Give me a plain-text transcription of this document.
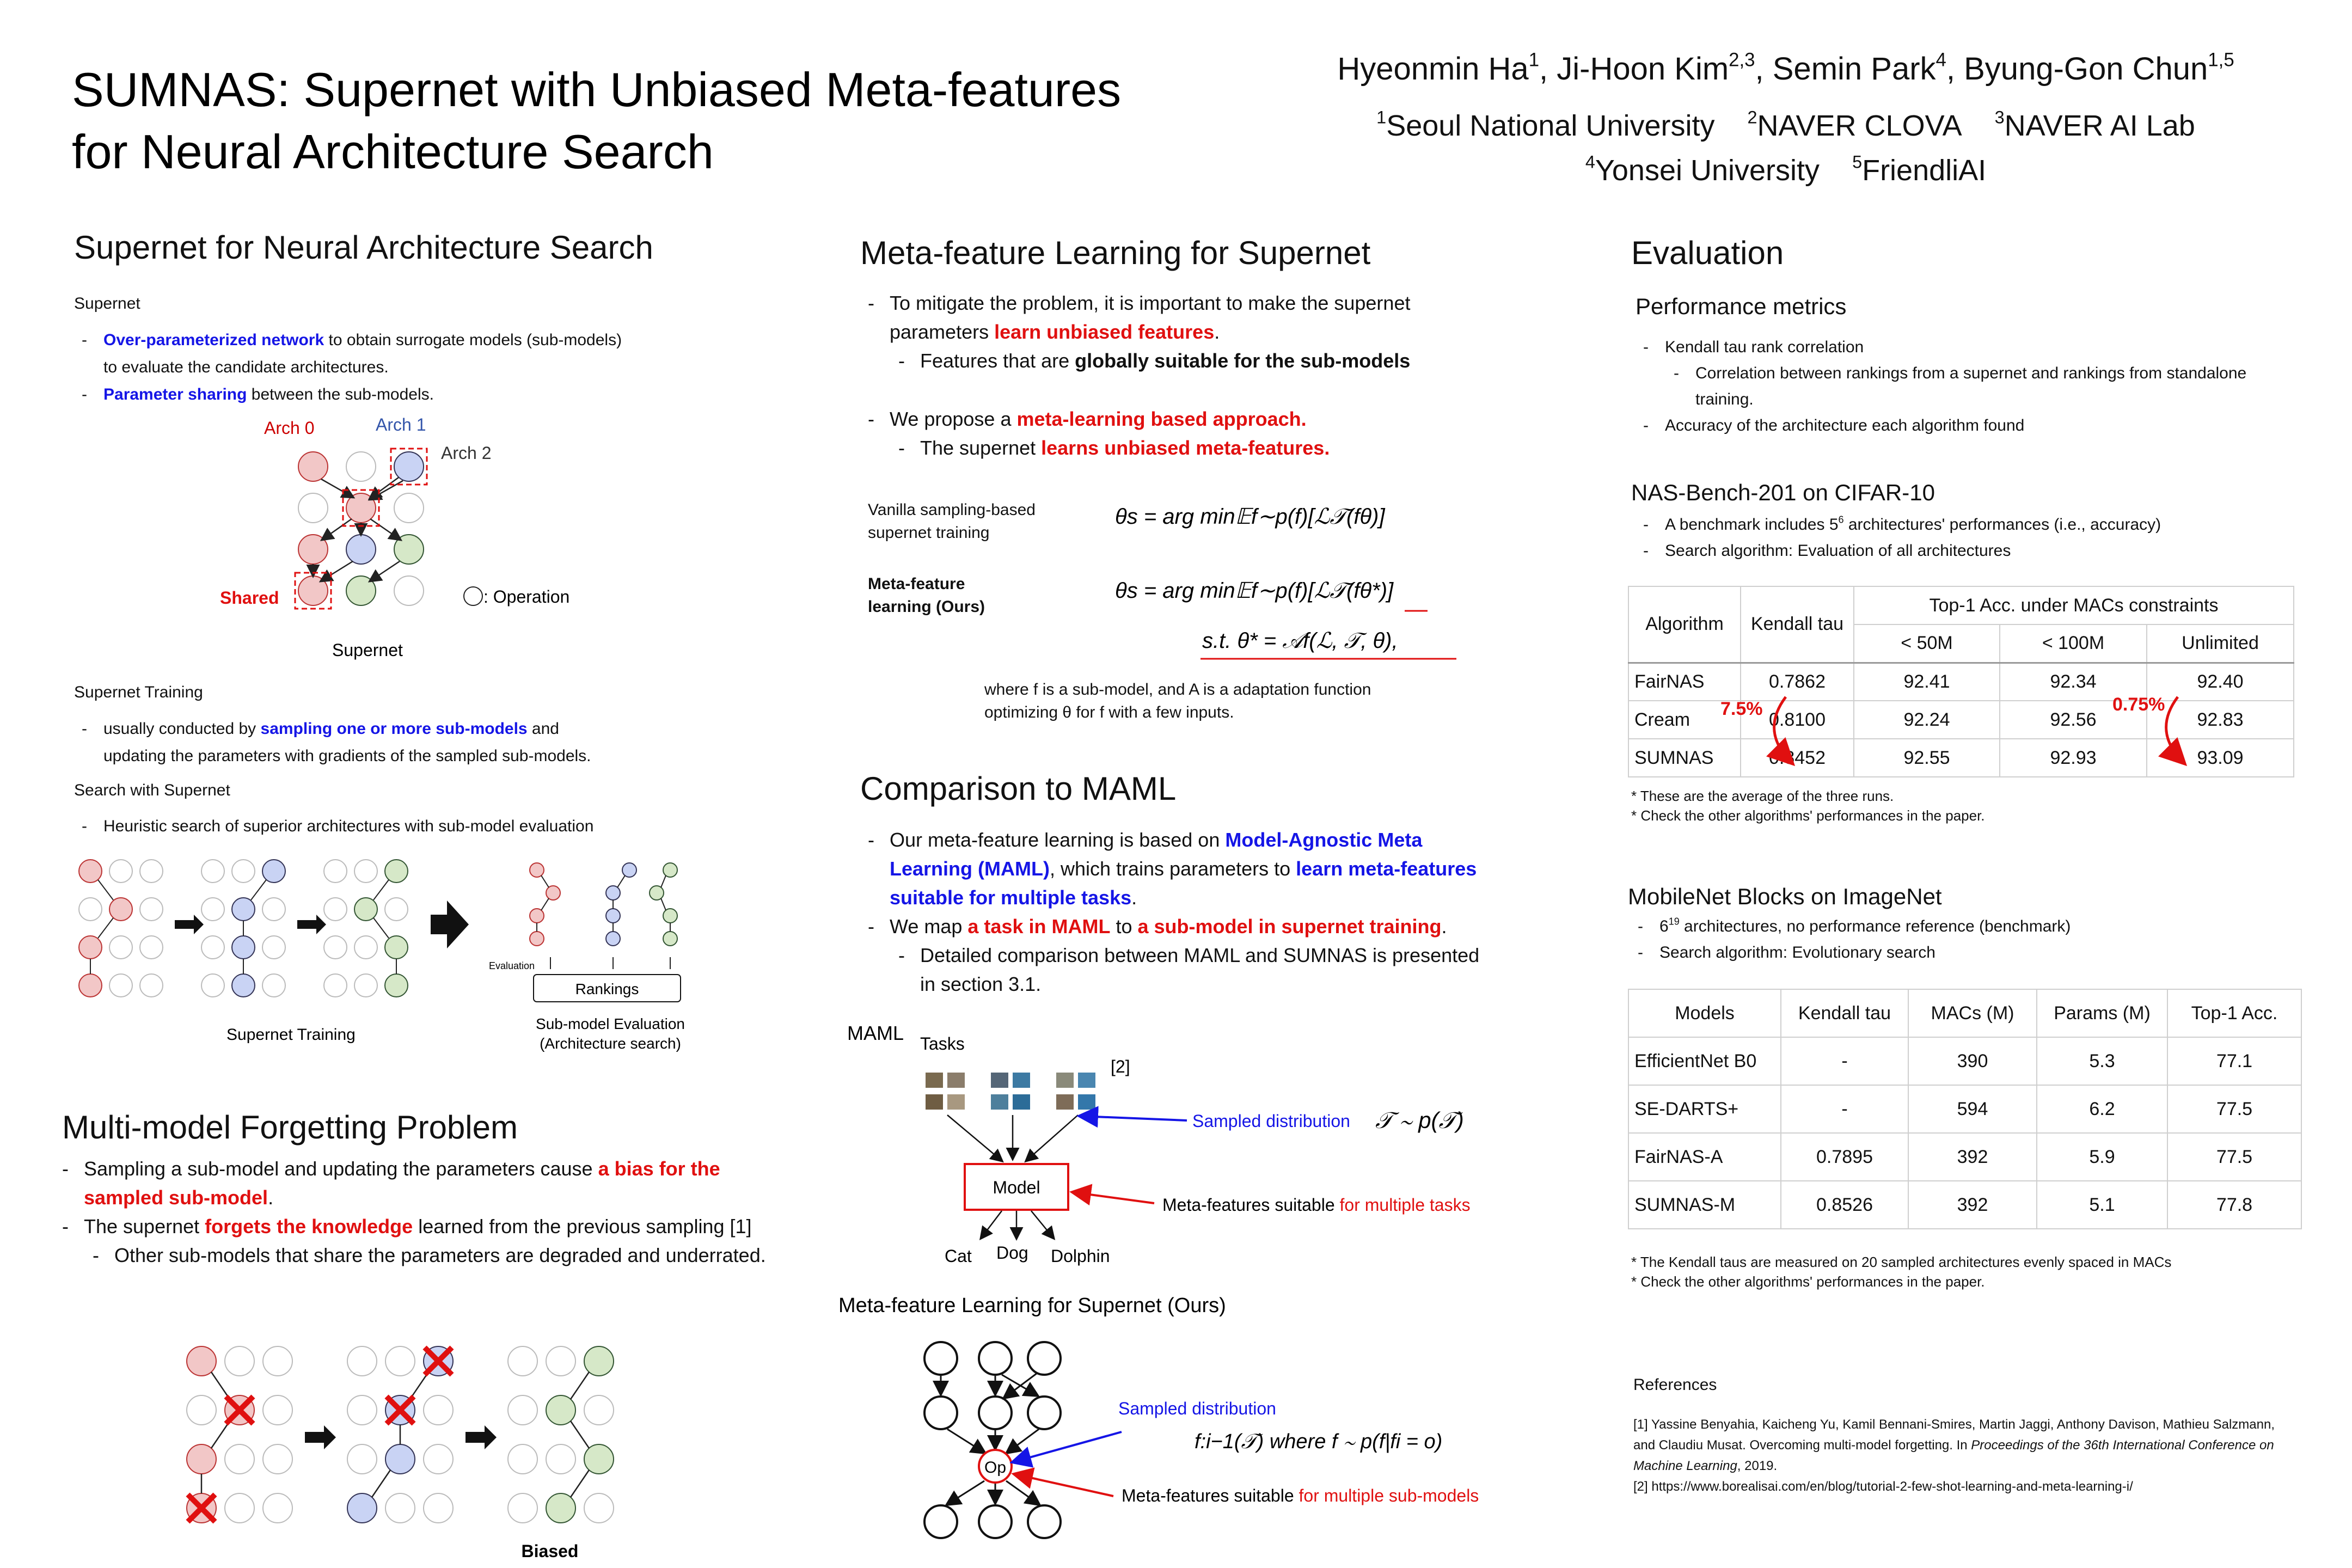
SUMNAS: Supernet with Unbiased Meta-features
for Neural Architecture Search
Hyeonmin Ha$^1$, Ji-Hoon Kim$^{2,3}$, Semin Park$^4$, Byung-Gon Chun$^{1,5}$
$^1$Seoul National University $^2$NAVER CLOVA $^3$NAVER AI Lab
$^4$Yonsei University $^5$FriendliAI
Supernet for Neural Architecture Search
Supernet
- Over-parameterized network to obtain surrogate models (sub-models)
to evaluate the candidate architectures.
- Parameter sharing between the sub-models.
Arch 0	Arch 1
Arch 2
Shared	: Operation
Supernet
Supernet Training
- usually conducted by sampling one or more sub-models and
updating the parameters with gradients of the sampled sub-models.
Search with Supernet
- Heuristic search of superior architectures with sub-model evaluation
Evaluation
Rankings
Supernet Training
Sub-model Evaluation
(Architecture search)
Multi-model Forgetting Problem
- Sampling a sub-model and updating the parameters cause a bias for the sampled sub-model.
- The supernet forgets the knowledge learned from the previous sampling [1]
- Other sub-models that share the parameters are degraded and underrated.
Biased
Meta-feature Learning for Supernet
- To mitigate the problem, it is important to make the supernet parameters learn unbiased features.
- Features that are globally suitable for the sub-models
- We propose a meta-learning based approach.
- The supernet learns unbiased meta-features.
Vanilla sampling-based
supernet training
Meta-feature
learning (Ours)
θs = arg min𝔼f∼p(f)[ℒ𝒯(fθ)]
θs = arg min𝔼f∼p(f)[ℒ𝒯(fθ*)]
s.t. θ* = 𝒜f(ℒ, 𝒯, θ),
where f is a sub-model, and A is a adaptation function
optimizing θ for f with a few inputs.
Comparison to MAML
- Our meta-feature learning is based on Model-Agnostic Meta Learning (MAML), which trains parameters to learn meta-features suitable for multiple tasks.
- We map a task in MAML to a sub-model in supernet training.
- Detailed comparison between MAML and SUMNAS is presented in section 3.1.
MAML Tasks
[2]
Model
Sampled distribution 𝒯 ∼ p(𝒯)
Meta-features suitable for multiple tasks
Cat Dog Dolphin
Meta-feature Learning for Supernet (Ours)
Op
Sampled distribution
f:i−1(𝒯) where f ∼ p(f|fi = o)
Meta-features suitable for multiple sub-models
Evaluation
Performance metrics
- Kendall tau rank correlation
- Correlation between rankings from a supernet and rankings from standalone training.
- Accuracy of the architecture each algorithm found
NAS-Bench-201 on CIFAR-10
- A benchmark includes $5^6$ architectures' performances (i.e., accuracy)
- Search algorithm: Evaluation of all architectures
Algorithm	Kendall tau	Top-1 Acc. under MACs constraints		
		< 50M	< 100M	Unlimited
FairNAS	0.7862	92.41	92.34	92.40
Cream	0.8100	92.24	92.56	92.83
SUMNAS	0.8452	92.55	92.93	93.09
7.5%	0.75%
* These are the average of the three runs.
* Check the other algorithms' performances in the paper.
MobileNet Blocks on ImageNet
- $6^{19}$ architectures, no performance reference (benchmark)
- Search algorithm: Evolutionary search
Models	Kendall tau	MACs (M)	Params (M)	Top-1 Acc.
EfficientNet B0	-	390	5.3	77.1
SE-DARTS+	-	594	6.2	77.5
FairNAS-A	0.7895	392	5.9	77.5
SUMNAS-M	0.8526	392	5.1	77.8
* The Kendall taus are measured on 20 sampled architectures evenly spaced in MACs
* Check the other algorithms' performances in the paper.
References
[1] Yassine Benyahia, Kaicheng Yu, Kamil Bennani-Smires, Martin Jaggi, Anthony Davison, Mathieu Salzmann, and Claudiu Musat. Overcoming multi-model forgetting. In Proceedings of the 36th International Conference on Machine Learning, 2019.
[2] https://www.borealisai.com/en/blog/tutorial-2-few-shot-learning-and-meta-learning-i/
